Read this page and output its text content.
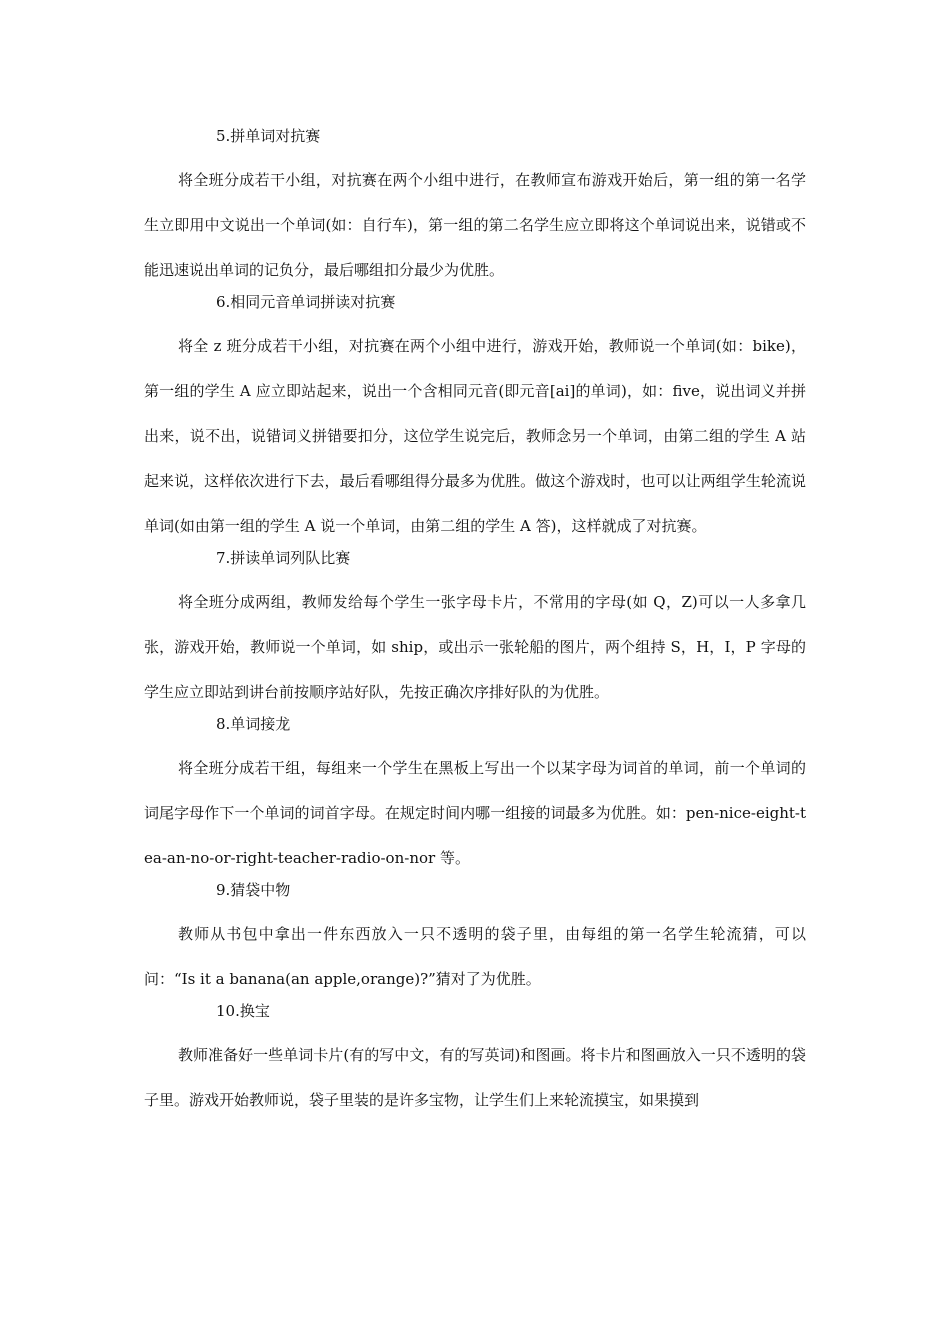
5.拼单词对抗赛

将全班分成若干小组，对抗赛在两个小组中进行，在教师宣布游戏开始后，第一组的第一名学生立即用中文说出一个单词(如：自行车)，第一组的第二名学生应立即将这个单词说出来，说错或不能迅速说出单词的记负分，最后哪组扣分最少为优胜。

6.相同元音单词拼读对抗赛

将全 z 班分成若干小组，对抗赛在两个小组中进行，游戏开始，教师说一个单词(如：bike)，第一组的学生 A 应立即站起来，说出一个含相同元音(即元音[ai]的单词)，如：five，说出词义并拼出来，说不出，说错词义拼错要扣分，这位学生说完后，教师念另一个单词，由第二组的学生 A 站起来说，这样依次进行下去，最后看哪组得分最多为优胜。做这个游戏时，也可以让两组学生轮流说单词(如由第一组的学生 A 说一个单词，由第二组的学生 A 答)，这样就成了对抗赛。

7.拼读单词列队比赛

将全班分成两组，教师发给每个学生一张字母卡片，不常用的字母(如 Q，Z)可以一人多拿几张，游戏开始，教师说一个单词，如 ship，或出示一张轮船的图片，两个组持 S，H，I，P 字母的学生应立即站到讲台前按顺序站好队，先按正确次序排好队的为优胜。

8.单词接龙

将全班分成若干组，每组来一个学生在黑板上写出一个以某字母为词首的单词，前一个单词的词尾字母作下一个单词的词首字母。在规定时间内哪一组接的词最多为优胜。如：pen-nice-eight-tea-an-no-or-right-teacher-radio-on-nor 等。

9.猜袋中物

教师从书包中拿出一件东西放入一只不透明的袋子里，由每组的第一名学生轮流猜，可以问：“Is it a banana(an apple,orange)?”猜对了为优胜。

10.换宝

教师准备好一些单词卡片(有的写中文，有的写英词)和图画。将卡片和图画放入一只不透明的袋子里。游戏开始教师说，袋子里装的是许多宝物，让学生们上来轮流摸宝，如果摸到
